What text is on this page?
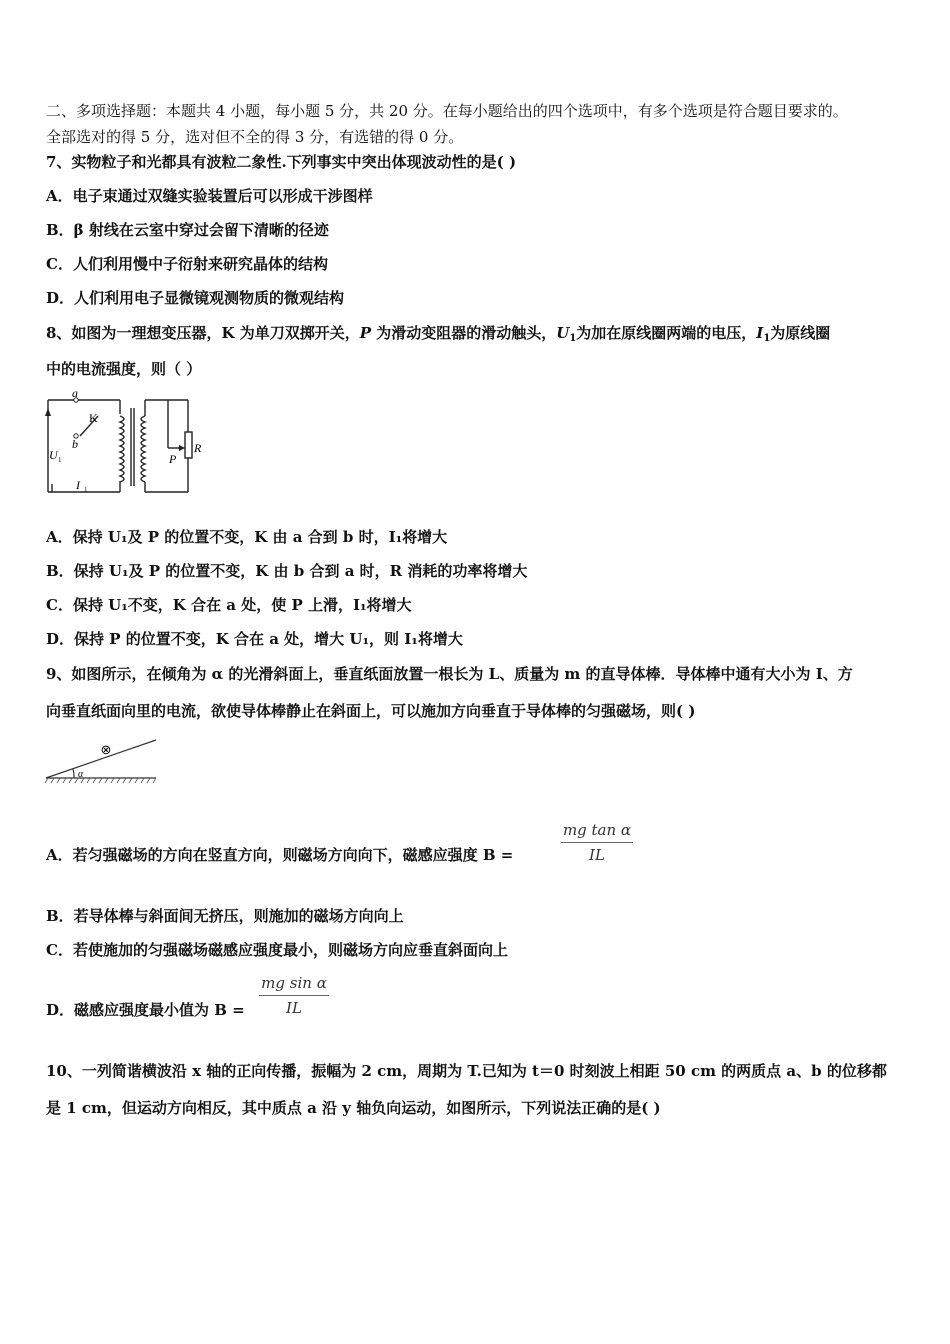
二、多项选择题：本题共 4 小题，每小题 5 分，共 20 分。在每小题给出的四个选项中，有多个选项是符合题目要求的。
全部选对的得 5 分，选对但不全的得 3 分，有选错的得 0 分。
7、实物粒子和光都具有波粒二象性.下列事实中突出体现波动性的是( )
A．电子束通过双缝实验装置后可以形成干涉图样
B．β 射线在云室中穿过会留下清晰的径迹
C．人们利用慢中子衍射来研究晶体的结构
D．人们利用电子显微镜观测物质的微观结构
8、如图为一理想变压器，K 为单刀双掷开关，P 为滑动变阻器的滑动触头，$U_1$为加在原线圈两端的电压，$I_1$为原线圈
中的电流强度，则（ ）
a
b
K
U 1
I 1
P
R
A．保持 U₁及 P 的位置不变，K 由 a 合到 b 时，I₁将增大
B．保持 U₁及 P 的位置不变，K 由 b 合到 a 时，R 消耗的功率将增大
C．保持 U₁不变，K 合在 a 处，使 P 上滑，I₁将增大
D．保持 P 的位置不变，K 合在 a 处，增大 U₁，则 I₁将增大
9、如图所示，在倾角为 α 的光滑斜面上，垂直纸面放置一根长为 L、质量为 m 的直导体棒．导体棒中通有大小为 I、方
向垂直纸面向里的电流，欲使导体棒静止在斜面上，可以施加方向垂直于导体棒的匀强磁场，则( )
⊗
α
A．若匀强磁场的方向在竖直方向，则磁场方向向下，磁感应强度 B =
mg tan α
IL
B．若导体棒与斜面间无挤压，则施加的磁场方向向上
C．若使施加的匀强磁场磁感应强度最小，则磁场方向应垂直斜面向上
D．磁感应强度最小值为 B =
mg sin α
IL
10、一列简谐横波沿 x 轴的正向传播，振幅为 2 cm，周期为 T.已知为 t＝0 时刻波上相距 50 cm 的两质点 a、b 的位移都
是 1 cm，但运动方向相反，其中质点 a 沿 y 轴负向运动，如图所示，下列说法正确的是( )
